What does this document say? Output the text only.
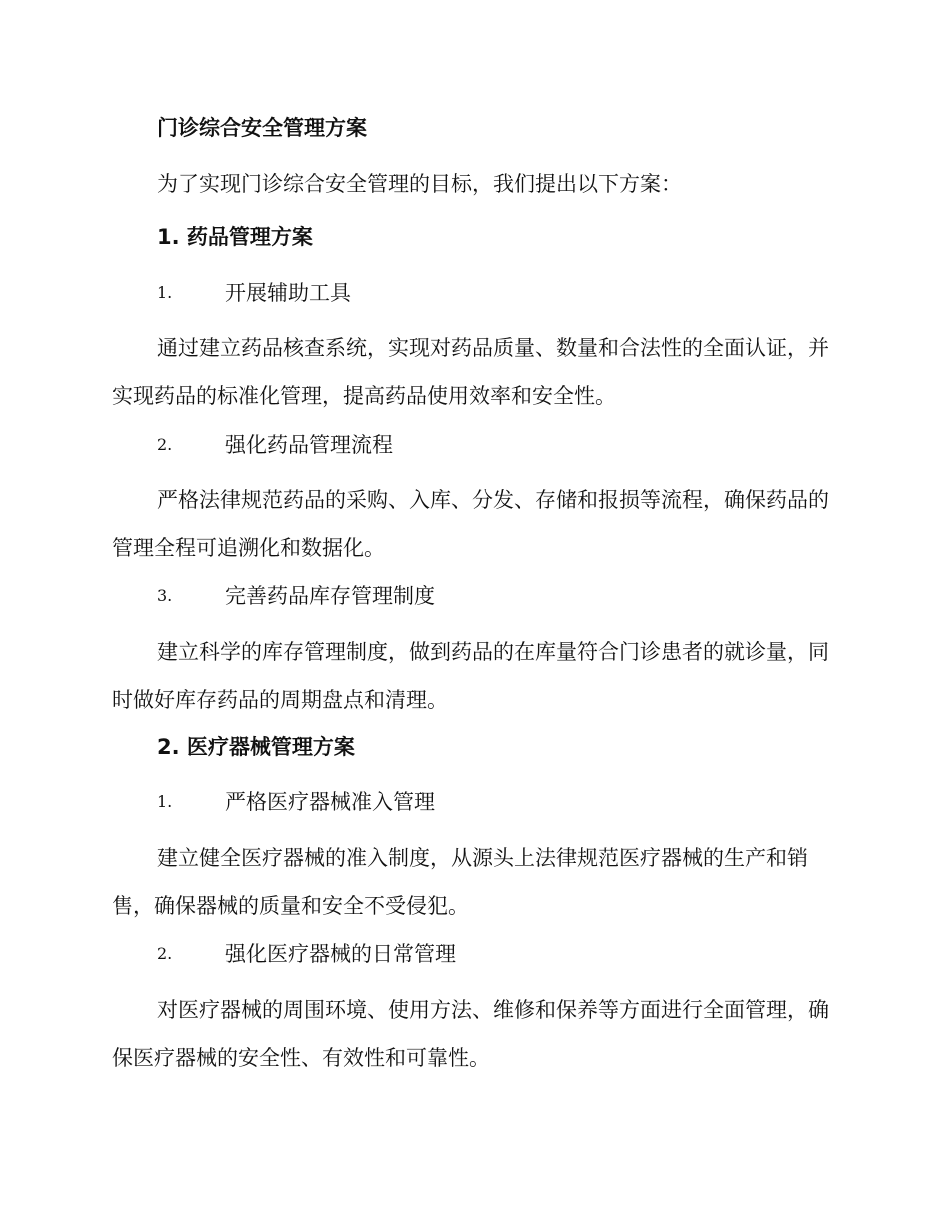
门诊综合安全管理方案

为了实现门诊综合安全管理的目标，我们提出以下方案：

1. 药品管理方案
1.	开展辅助工具

通过建立药品核查系统，实现对药品质量、数量和合法性的全面认证，并实现药品的标准化管理，提高药品使用效率和安全性。

2.	强化药品管理流程

严格法律规范药品的采购、入库、分发、存储和报损等流程，确保药品的管理全程可追溯化和数据化。

3.	完善药品库存管理制度

建立科学的库存管理制度，做到药品的在库量符合门诊患者的就诊量，同时做好库存药品的周期盘点和清理。

2. 医疗器械管理方案
1.	严格医疗器械准入管理

建立健全医疗器械的准入制度，从源头上法律规范医疗器械的生产和销售，确保器械的质量和安全不受侵犯。

2.	强化医疗器械的日常管理

对医疗器械的周围环境、使用方法、维修和保养等方面进行全面管理，确保医疗器械的安全性、有效性和可靠性。
